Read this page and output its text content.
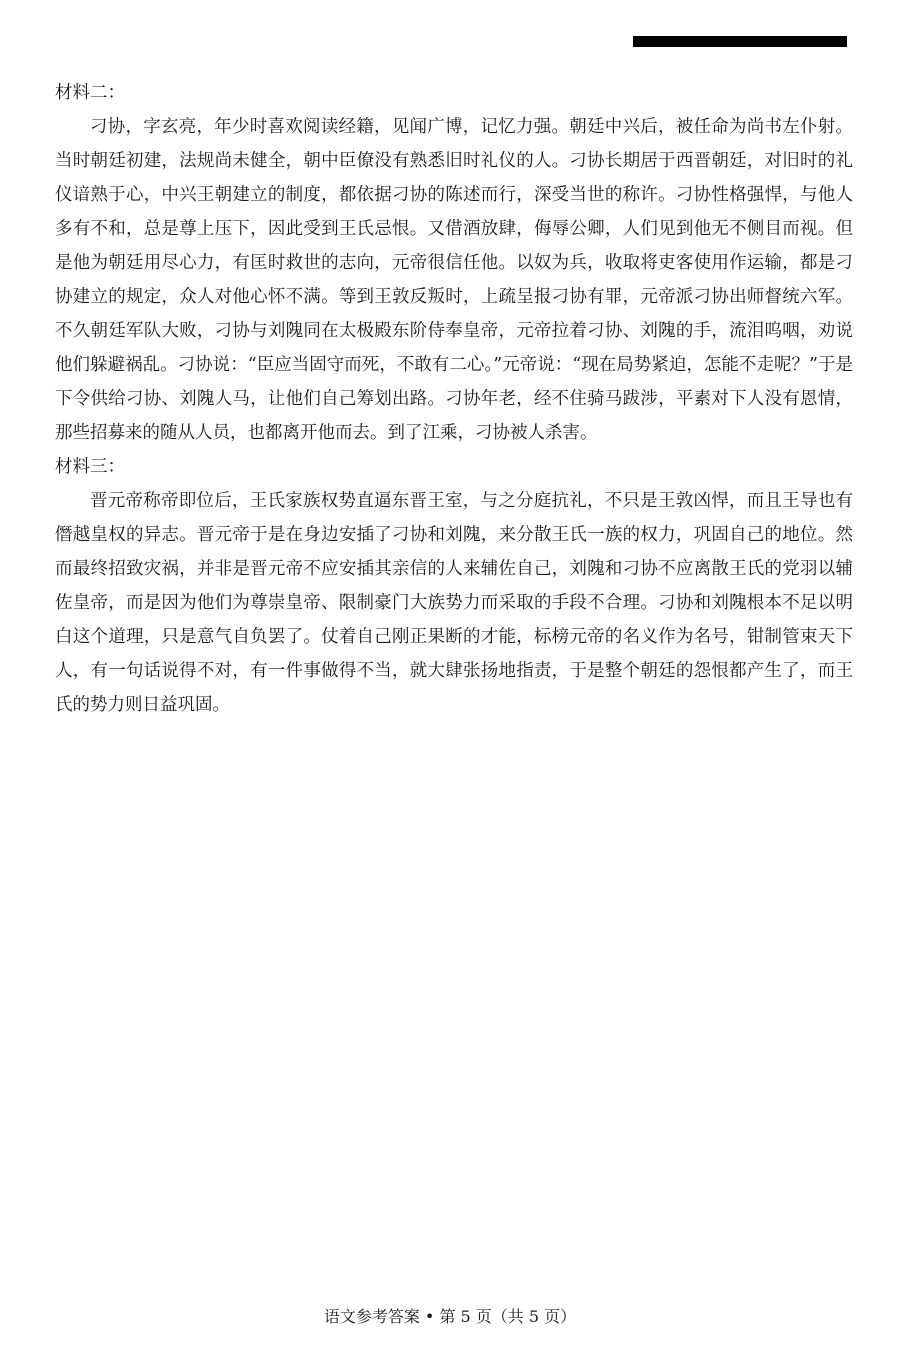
材料二：

刁协，字玄亮，年少时喜欢阅读经籍，见闻广博，记忆力强。朝廷中兴后，被任命为尚书左仆射。当时朝廷初建，法规尚未健全，朝中臣僚没有熟悉旧时礼仪的人。刁协长期居于西晋朝廷，对旧时的礼仪谙熟于心，中兴王朝建立的制度，都依据刁协的陈述而行，深受当世的称许。刁协性格强悍，与他人多有不和，总是尊上压下，因此受到王氏忌恨。又借酒放肆，侮辱公卿，人们见到他无不侧目而视。但是他为朝廷用尽心力，有匡时救世的志向，元帝很信任他。以奴为兵，收取将吏客使用作运输，都是刁协建立的规定，众人对他心怀不满。等到王敦反叛时，上疏呈报刁协有罪，元帝派刁协出师督统六军。不久朝廷军队大败，刁协与刘隗同在太极殿东阶侍奉皇帝，元帝拉着刁协、刘隗的手，流泪呜咽，劝说他们躲避祸乱。刁协说：“臣应当固守而死，不敢有二心。”元帝说：“现在局势紧迫，怎能不走呢？”于是下令供给刁协、刘隗人马，让他们自己筹划出路。刁协年老，经不住骑马跋涉，平素对下人没有恩情，那些招募来的随从人员，也都离开他而去。到了江乘，刁协被人杀害。

材料三：

晋元帝称帝即位后，王氏家族权势直逼东晋王室，与之分庭抗礼，不只是王敦凶悍，而且王导也有僭越皇权的异志。晋元帝于是在身边安插了刁协和刘隗，来分散王氏一族的权力，巩固自己的地位。然而最终招致灾祸，并非是晋元帝不应安插其亲信的人来辅佐自己，刘隗和刁协不应离散王氏的党羽以辅佐皇帝，而是因为他们为尊崇皇帝、限制豪门大族势力而采取的手段不合理。刁协和刘隗根本不足以明白这个道理，只是意气自负罢了。仗着自己刚正果断的才能，标榜元帝的名义作为名号，钳制管束天下人，有一句话说得不对，有一件事做得不当，就大肆张扬地指责，于是整个朝廷的怨恨都产生了，而王氏的势力则日益巩固。

语文参考答案 • 第 5 页（共 5 页）
